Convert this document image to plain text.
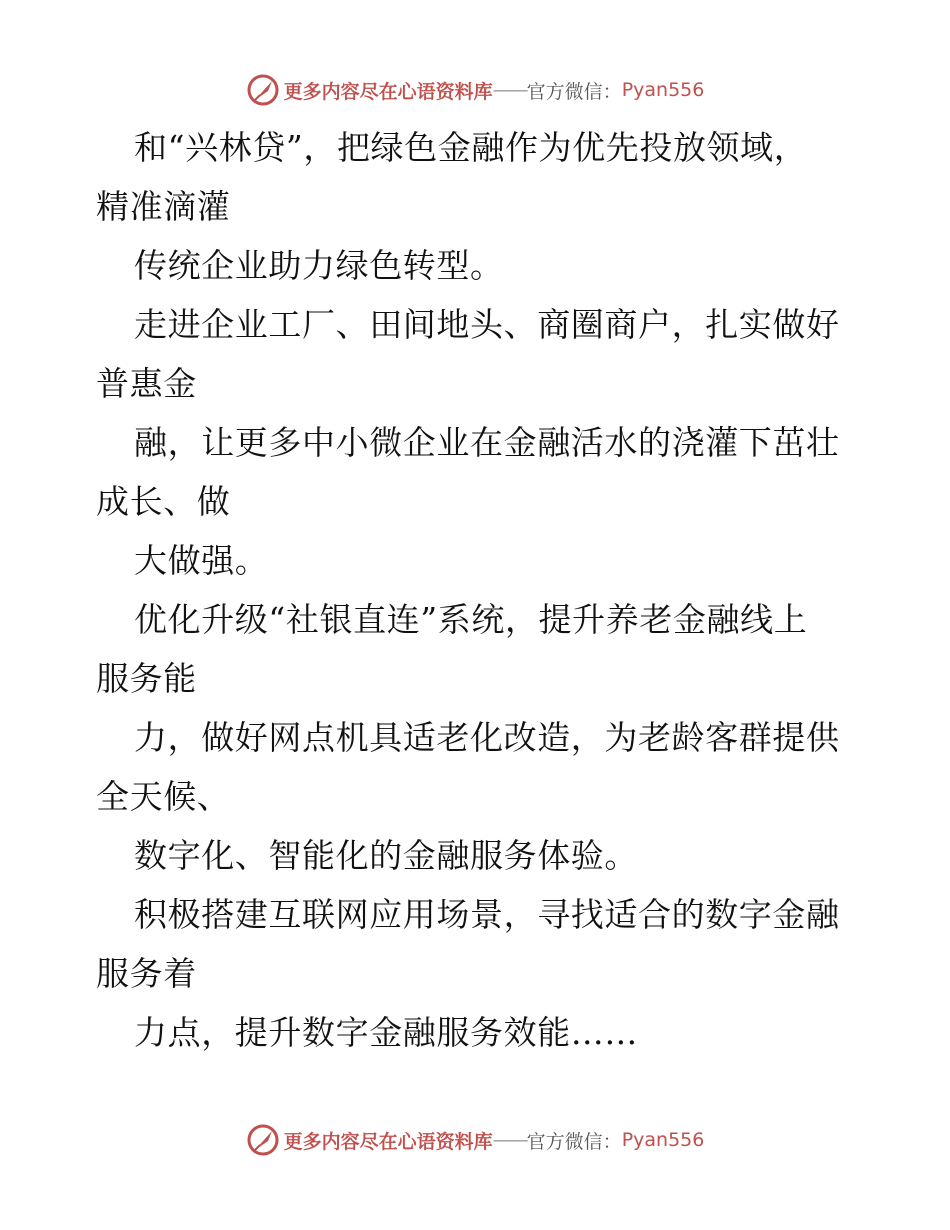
更多内容尽在心语资料库 —— 官方微信： Pyan556
和“兴林贷”，把绿色金融作为优先投放领域，
精准滴灌
传统企业助力绿色转型。
走进企业工厂、田间地头、商圈商户，扎实做好
普惠金
融，让更多中小微企业在金融活水的浇灌下茁壮
成长、做
大做强。
优化升级“社银直连”系统，提升养老金融线上
服务能
力，做好网点机具适老化改造，为老龄客群提供
全天候、
数字化、智能化的金融服务体验。
积极搭建互联网应用场景，寻找适合的数字金融
服务着
力点，提升数字金融服务效能……
更多内容尽在心语资料库 —— 官方微信： Pyan556
